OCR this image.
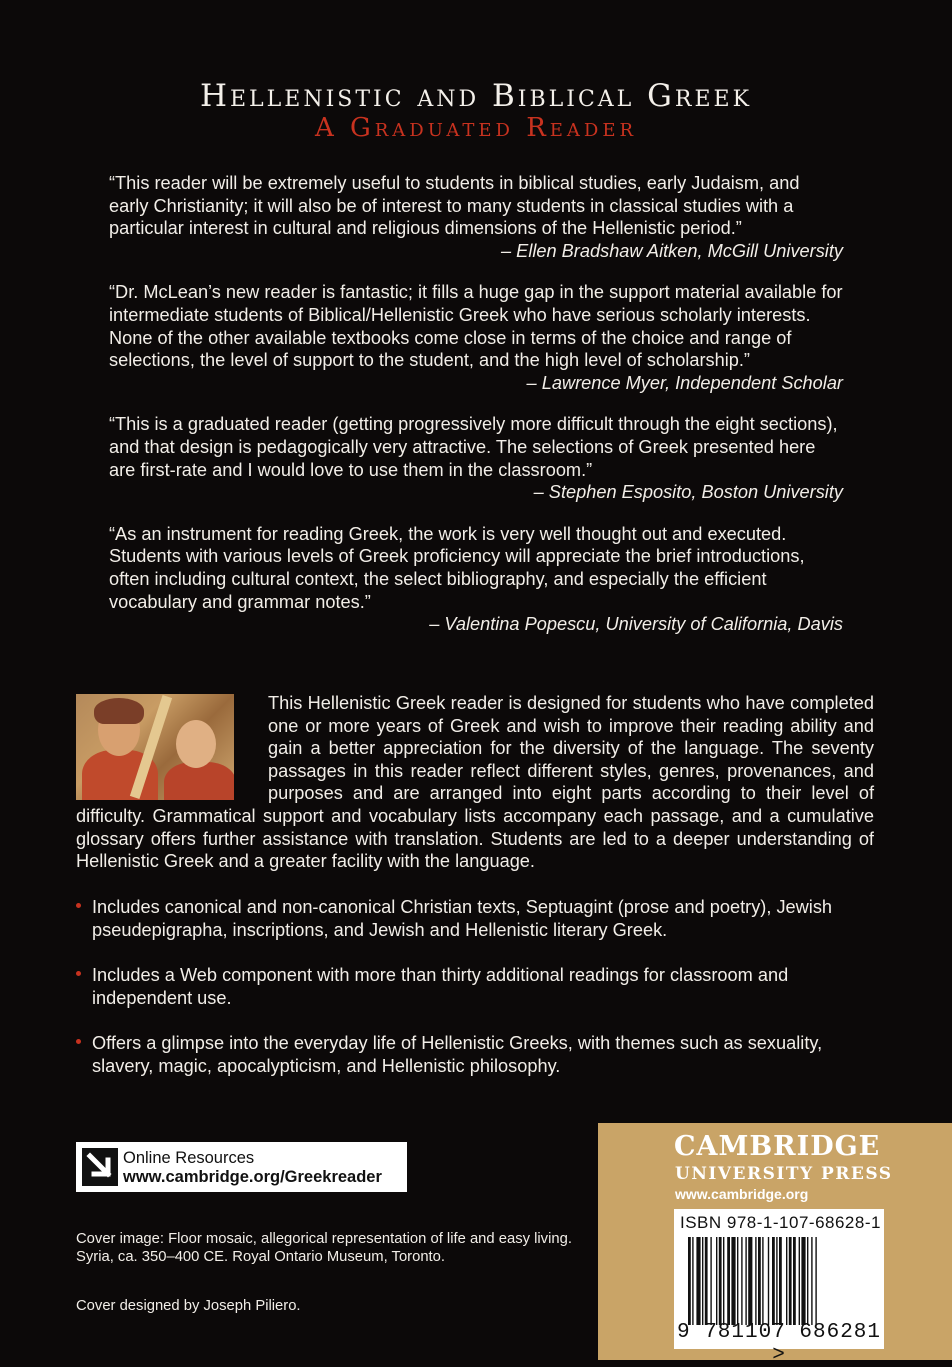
Hellenistic and Biblical Greek
A Graduated Reader
“This reader will be extremely useful to students in biblical studies, early Judaism, and early Christianity; it will also be of interest to many students in classical studies with a particular interest in cultural and religious dimensions of the Hellenistic period.”
– Ellen Bradshaw Aitken, McGill University
“Dr. McLean’s new reader is fantastic; it fills a huge gap in the support material available for intermediate students of Biblical/Hellenistic Greek who have serious scholarly interests. None of the other available textbooks come close in terms of the choice and range of selections, the level of support to the student, and the high level of scholarship.”
– Lawrence Myer, Independent Scholar
“This is a graduated reader (getting progressively more difficult through the eight sections), and that design is pedagogically very attractive. The selections of Greek presented here are first-rate and I would love to use them in the classroom.”
– Stephen Esposito, Boston University
“As an instrument for reading Greek, the work is very well thought out and executed. Students with various levels of Greek proficiency will appreciate the brief introductions, often including cultural context, the select bibliography, and especially the efficient vocabulary and grammar notes.”
– Valentina Popescu, University of California, Davis
This Hellenistic Greek reader is designed for students who have completed one or more years of Greek and wish to improve their reading ability and gain a better appreciation for the diversity of the language. The seventy passages in this reader reflect different styles, genres, provenances, and purposes and are arranged into eight parts according to their level of difficulty. Grammatical support and vocabulary lists accompany each passage, and a cumulative glossary offers further assistance with translation. Students are led to a deeper understanding of Hellenistic Greek and a greater facility with the language.
Includes canonical and non-canonical Christian texts, Septuagint (prose and poetry), Jewish pseudepigrapha, inscriptions, and Jewish and Hellenistic literary Greek.
Includes a Web component with more than thirty additional readings for classroom and independent use.
Offers a glimpse into the everyday life of Hellenistic Greeks, with themes such as sexuality, slavery, magic, apocalypticism, and Hellenistic philosophy.
Online Resources
www.cambridge.org/Greekreader
Cover image: Floor mosaic, allegorical representation of life and easy living. Syria, ca. 350–400 CE. Royal Ontario Museum, Toronto.
Cover designed by Joseph Piliero.
CAMBRIDGE
UNIVERSITY PRESS
www.cambridge.org
ISBN 978-1-107-68628-1
9 781107 686281 >
